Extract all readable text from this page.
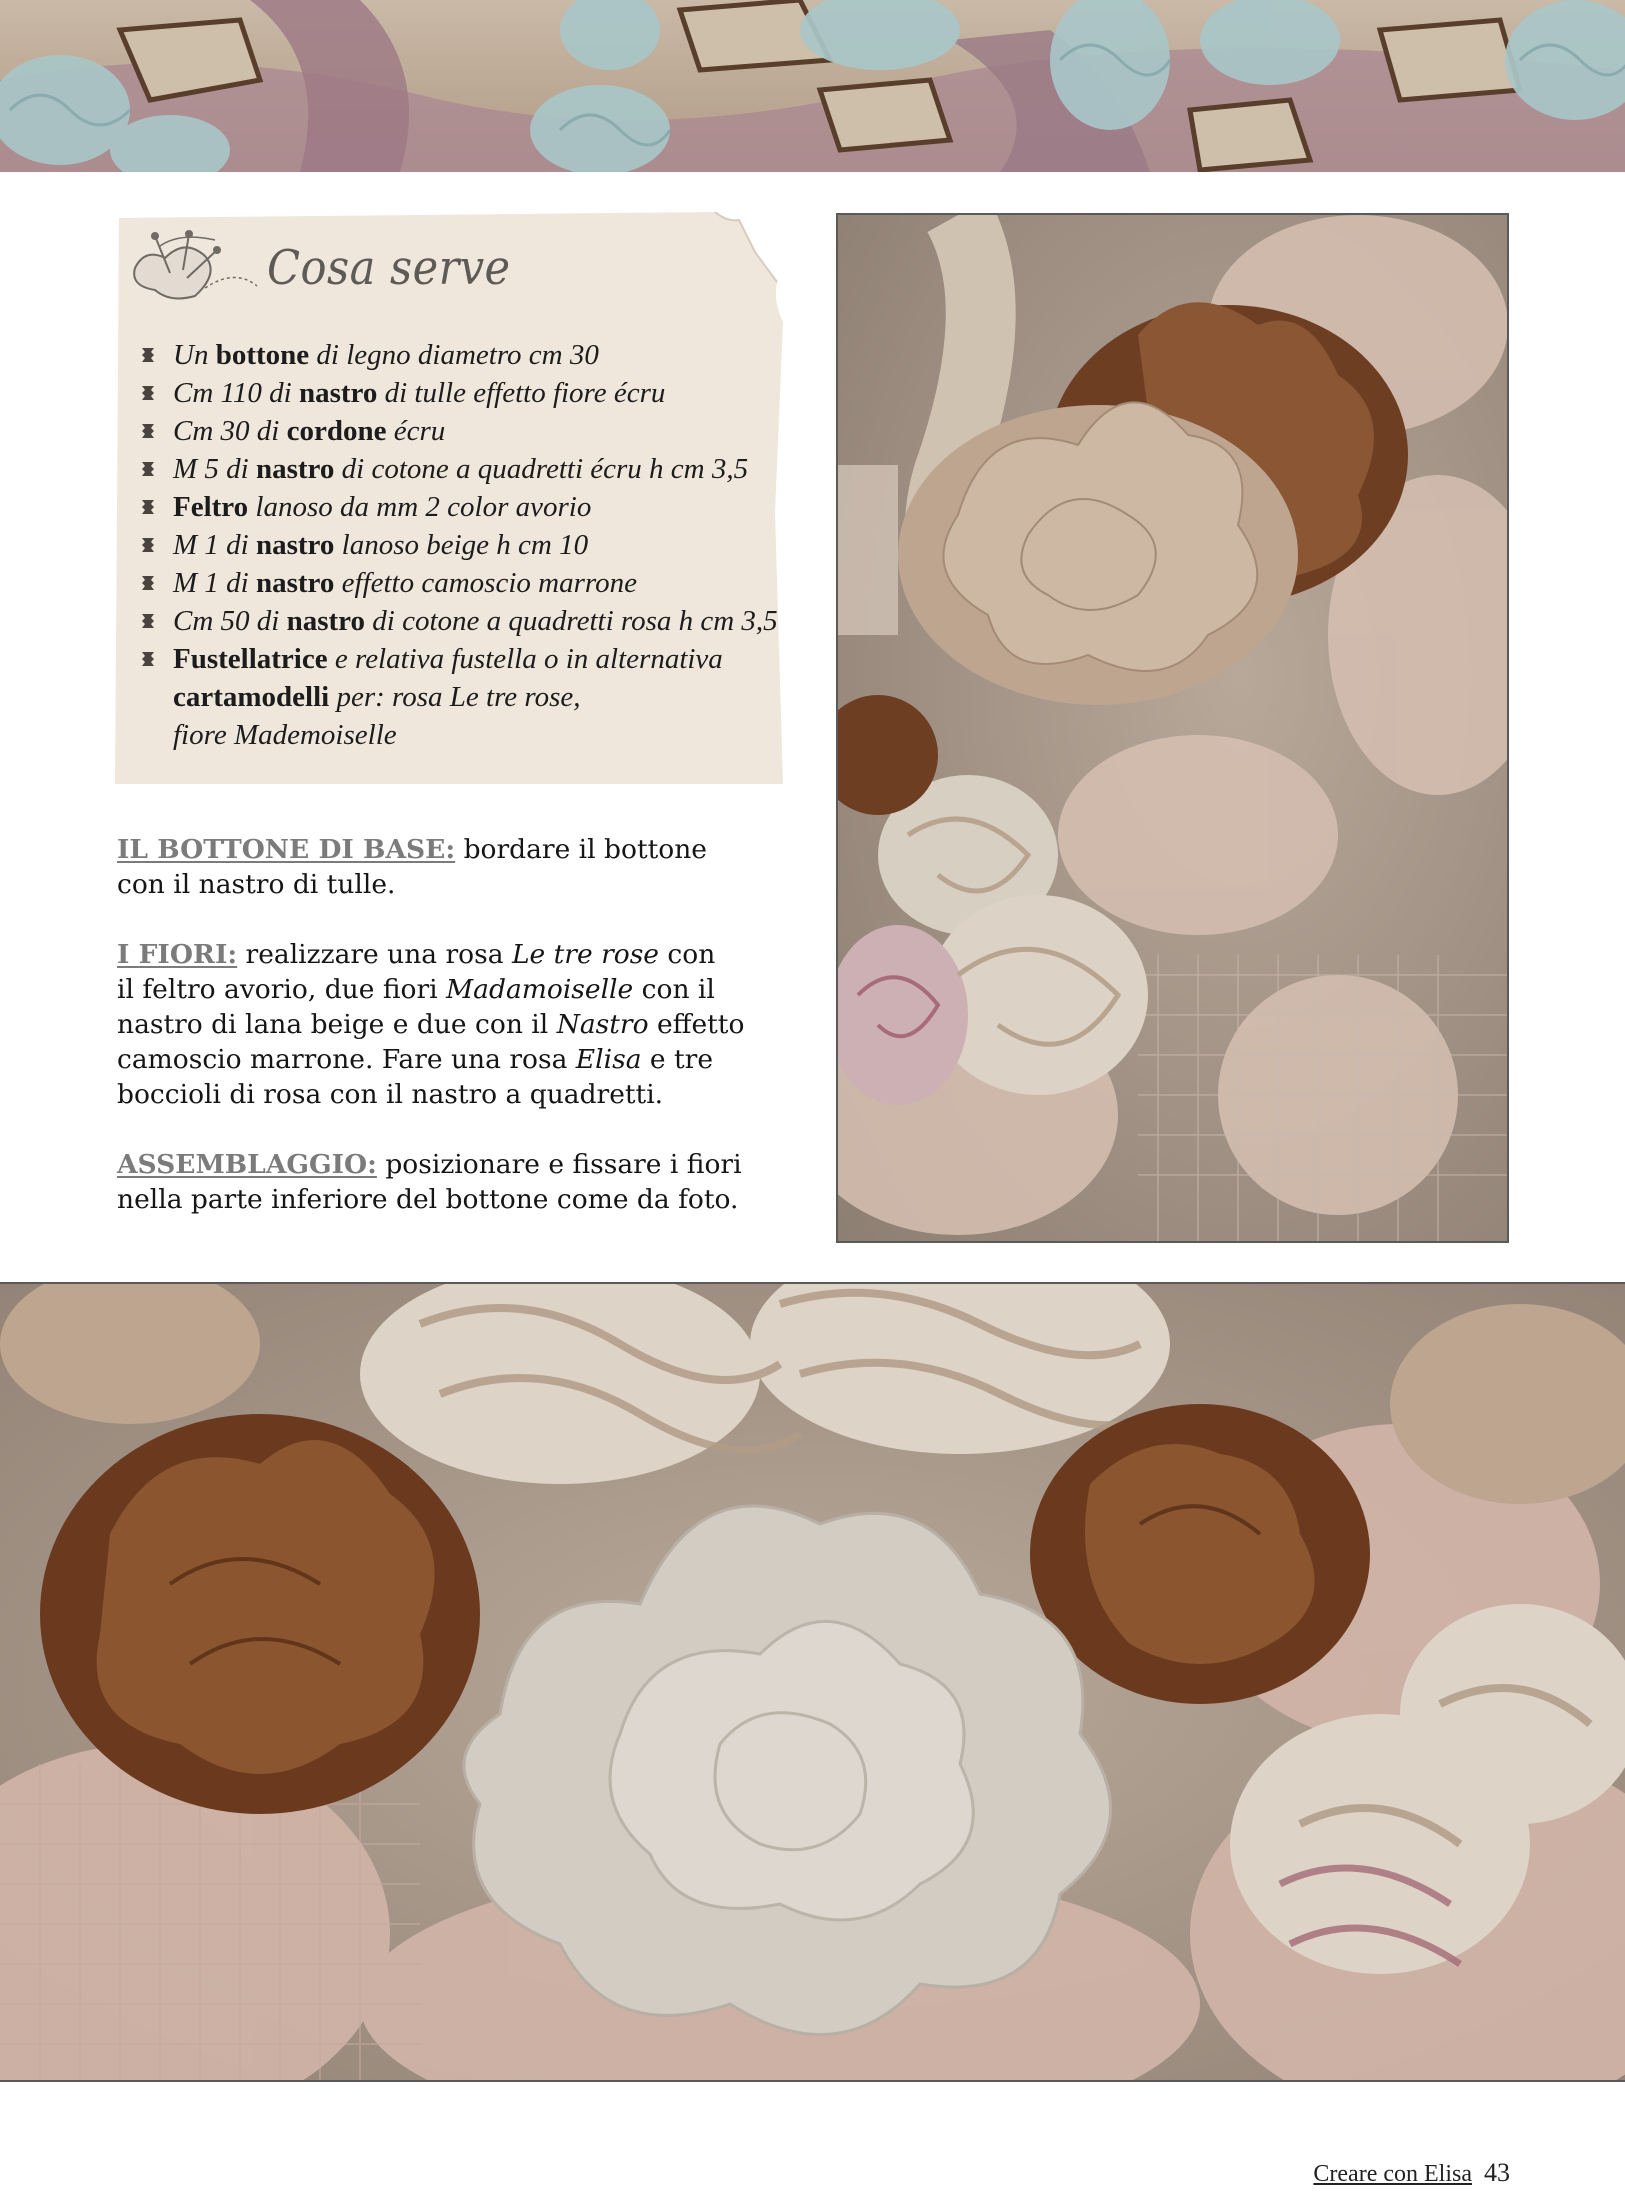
Cosa serve
Un bottone di legno diametro cm 30
Cm 110 di nastro di tulle effetto fiore écru
Cm 30 di cordone écru
M 5 di nastro di cotone a quadretti écru h cm 3,5
Feltro lanoso da mm 2 color avorio
M 1 di nastro lanoso beige h cm 10
M 1 di nastro effetto camoscio marrone
Cm 50 di nastro di cotone a quadretti rosa h cm 3,5
Fustellatrice e relativa fustella o in alternativa
cartamodelli per: rosa Le tre rose,
fiore Mademoiselle

IL BOTTONE DI BASE: bordare il bottone
con il nastro di tulle.

I FIORI: realizzare una rosa Le tre rose con
il feltro avorio, due fiori Madamoiselle con il
nastro di lana beige e due con il Nastro effetto
camoscio marrone. Fare una rosa Elisa e tre
boccioli di rosa con il nastro a quadretti.

ASSEMBLAGGIO: posizionare e fissare i fiori
nella parte inferiore del bottone come da foto.

Creare con Elisa 43
